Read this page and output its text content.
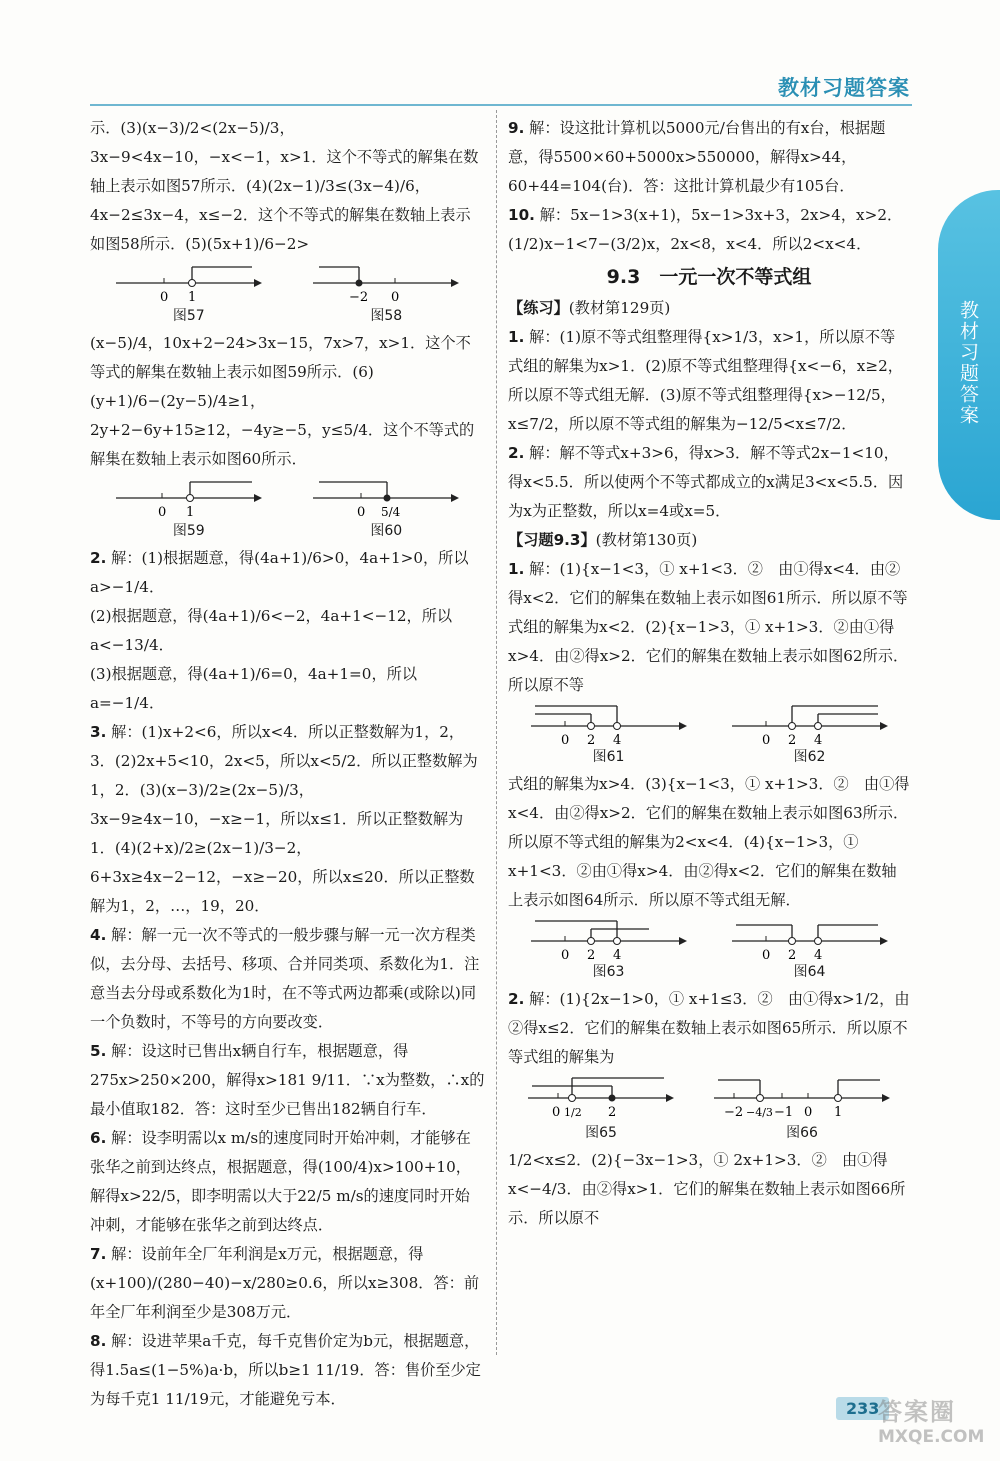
教材习题答案
教材习题答案

示．(3)(x−3)/2<(2x−5)/3，3x−9<4x−10，−x<−1，x>1．这个不等式的解集在数轴上表示如图57所示．(4)(2x−1)/3≤(3x−4)/6，4x−2≤3x−4，x≤−2．这个不等式的解集在数轴上表示如图58所示．(5)(5x+1)/6−2>

0 1
图57
−2 0
图58

(x−5)/4，10x+2−24>3x−15，7x>7，x>1．这个不等式的解集在数轴上表示如图59所示．(6)(y+1)/6−(2y−5)/4≥1，2y+2−6y+15≥12，−4y≥−5，y≤5/4．这个不等式的解集在数轴上表示如图60所示．

0 1
图59
0 5/4
图60

2. 解：(1)根据题意，得(4a+1)/6>0，4a+1>0，所以a>−1/4．

(2)根据题意，得(4a+1)/6<−2，4a+1<−12，所以a<−13/4．

(3)根据题意，得(4a+1)/6=0，4a+1=0，所以a=−1/4．

3. 解：(1)x+2<6，所以x<4．所以正整数解为1，2，3．(2)2x+5<10，2x<5，所以x<5/2．所以正整数解为1，2．(3)(x−3)/2≥(2x−5)/3，3x−9≥4x−10，−x≥−1，所以x≤1．所以正整数解为1．(4)(2+x)/2≥(2x−1)/3−2，6+3x≥4x−2−12，−x≥−20，所以x≤20．所以正整数解为1，2，…，19，20．

4. 解：解一元一次不等式的一般步骤与解一元一次方程类似，去分母、去括号、移项、合并同类项、系数化为1．注意当去分母或系数化为1时，在不等式两边都乘(或除以)同一个负数时，不等号的方向要改变．

5. 解：设这时已售出x辆自行车，根据题意，得275x>250×200，解得x>181 9/11．∵x为整数，∴x的最小值取182．答：这时至少已售出182辆自行车．

6. 解：设李明需以x m/s的速度同时开始冲刺，才能够在张华之前到达终点，根据题意，得(100/4)x>100+10，解得x>22/5，即李明需以大于22/5 m/s的速度同时开始冲刺，才能够在张华之前到达终点．

7. 解：设前年全厂年利润是x万元，根据题意，得(x+100)/(280−40)−x/280≥0.6，所以x≥308．答：前年全厂年利润至少是308万元．

8. 解：设进苹果a千克，每千克售价定为b元，根据题意，得1.5a≤(1−5%)a·b，所以b≥1 11/19．答：售价至少定为每千克1 11/19元，才能避免亏本．

9. 解：设这批计算机以5000元/台售出的有x台，根据题意，得5500×60+5000x>550000，解得x>44，60+44=104(台)．答：这批计算机最少有105台．

10. 解：5x−1>3(x+1)，5x−1>3x+3，2x>4，x>2．(1/2)x−1<7−(3/2)x，2x<8，x<4．所以2<x<4．

9.3　一元一次不等式组

【练习】(教材第129页)

1. 解：(1)原不等式组整理得{x>1/3，x>1，所以原不等式组的解集为x>1．(2)原不等式组整理得{x<−6，x≥2，所以原不等式组无解．(3)原不等式组整理得{x>−12/5，x≤7/2，所以原不等式组的解集为−12/5<x≤7/2．

2. 解：解不等式x+3>6，得x>3．解不等式2x−1<10，得x<5.5．所以使两个不等式都成立的x满足3<x<5.5．因为x为正整数，所以x=4或x=5．

【习题9.3】(教材第130页)

1. 解：(1){x−1<3，① x+1<3．②　由①得x<4．由②得x<2．它们的解集在数轴上表示如图61所示．所以原不等式组的解集为x<2．(2){x−1>3，① x+1>3．②由①得x>4．由②得x>2．它们的解集在数轴上表示如图62所示．所以原不等

0 2 4
图61
0 2 4
图62

式组的解集为x>4．(3){x−1<3，① x+1>3．②　由①得x<4．由②得x>2．它们的解集在数轴上表示如图63所示．所以原不等式组的解集为2<x<4．(4){x−1>3，① x+1<3．②由①得x>4．由②得x<2．它们的解集在数轴上表示如图64所示．所以原不等式组无解．

0 2 4
图63
0 2 4
图64

2. 解：(1){2x−1>0，① x+1≤3．②　由①得x>1/2，由②得x≤2．它们的解集在数轴上表示如图65所示．所以原不等式组的解集为

0 1/2 2
图65
−2 −4/3 −1 0 1
图66

1/2<x≤2．(2){−3x−1>3，① 2x+1>3．②　由①得x<−4/3．由②得x>1．它们的解集在数轴上表示如图66所示．所以原不

233
答案圈
MXQE.COM
